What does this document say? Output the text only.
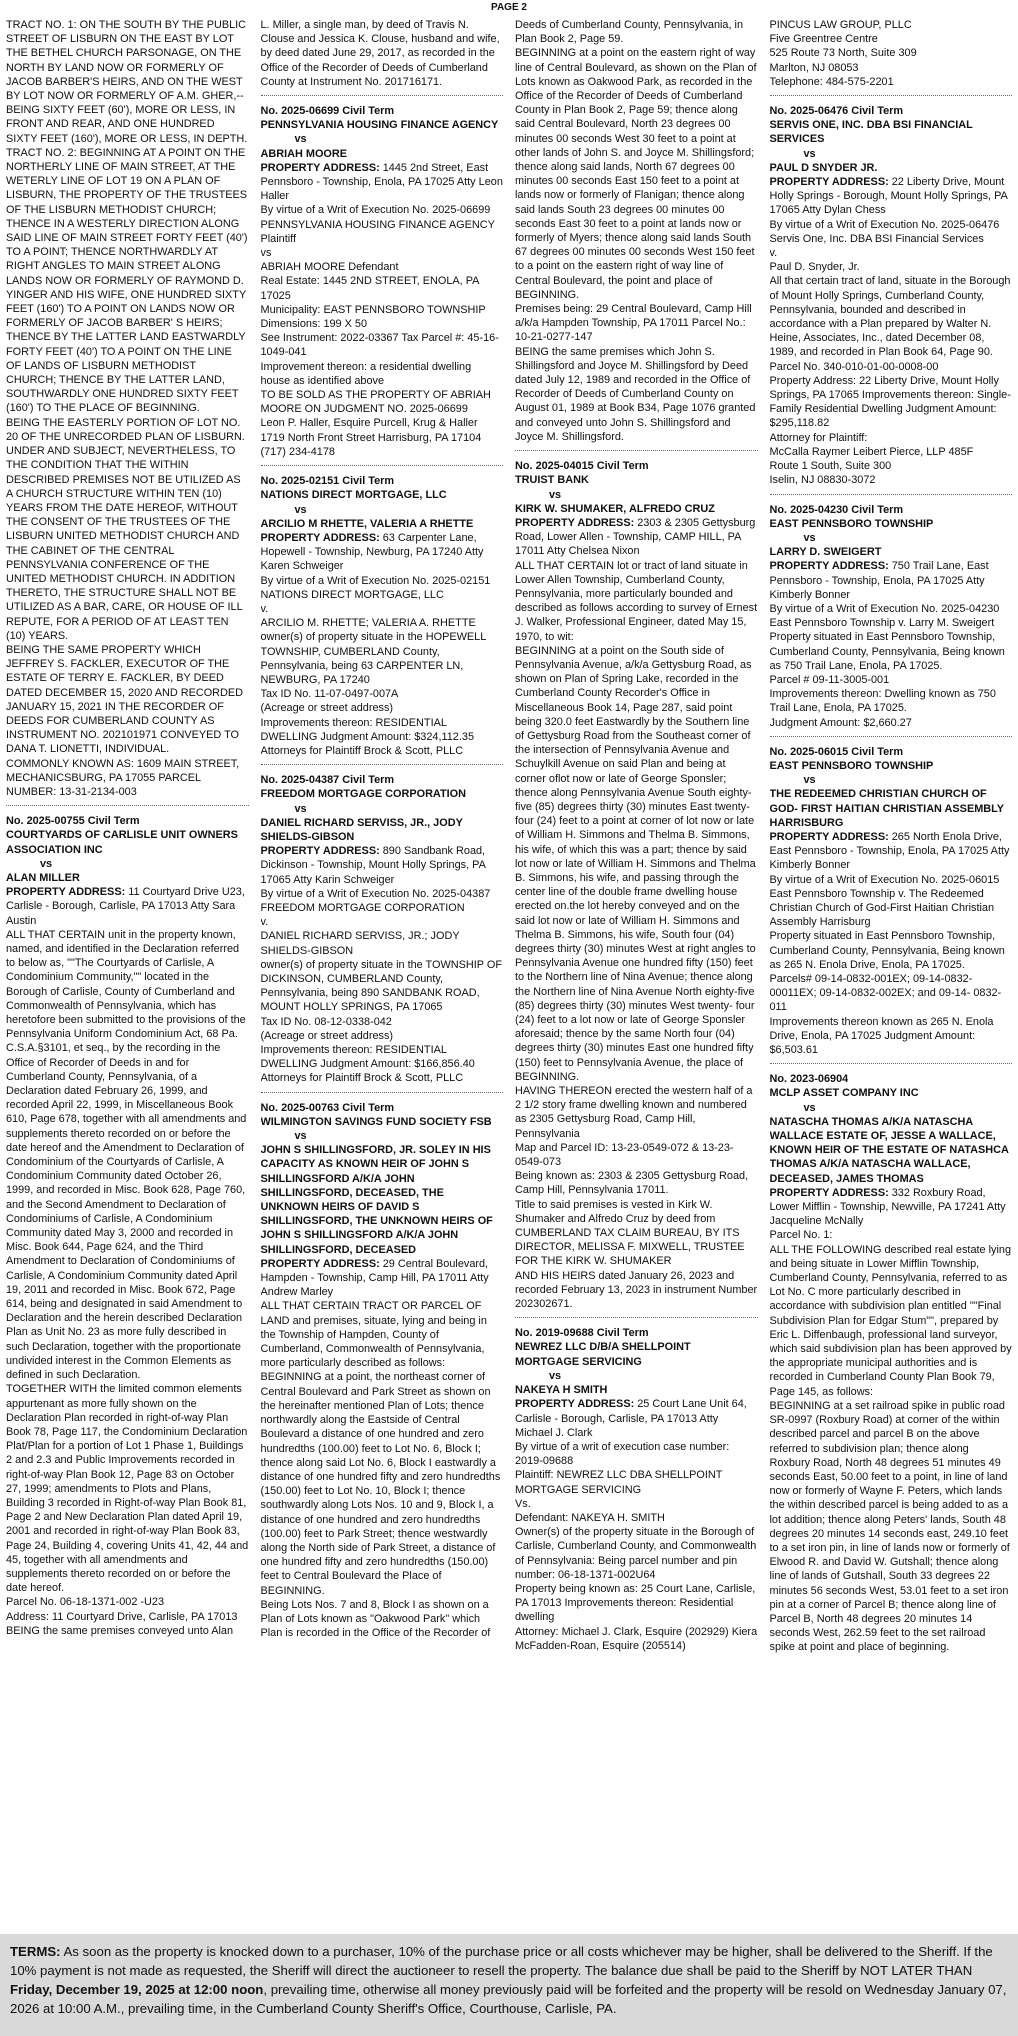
PAGE 2

TRACT NO. 1: ON THE SOUTH BY THE PUBLIC STREET OF LISBURN ON THE EAST BY LOT THE BETHEL CHURCH PARSONAGE, ON THE NORTH BY LAND NOW OR FORMERLY OF JACOB BARBER'S HEIRS, AND ON THE WEST BY LOT NOW OR FORMERLY OF A.M. GHER,--BEING SIXTY FEET (60'), MORE OR LESS, IN FRONT AND REAR, AND ONE HUNDRED SIXTY FEET (160'), MORE OR LESS, IN DEPTH.

TRACT NO. 2: BEGINNING AT A POINT ON THE NORTHERLY LINE OF MAIN STREET, AT THE WETERLY LINE OF LOT 19 ON A PLAN OF LISBURN, THE PROPERTY OF THE TRUSTEES OF THE LISBURN METHODIST CHURCH; THENCE IN A WESTERLY DIRECTION ALONG SAID LINE OF MAIN STREET FORTY FEET (40') TO A POINT; THENCE NORTHWARDLY AT RIGHT ANGLES TO MAIN STREET ALONG LANDS NOW OR FORMERLY OF RAYMOND D. YINGER AND HIS WIFE, ONE HUNDRED SIXTY FEET (160') TO A POINT ON LANDS NOW OR FORMERLY OF JACOB BARBER' S HEIRS; THENCE BY THE LATTER LAND EASTWARDLY FORTY FEET (40') TO A POINT ON THE LINE OF LANDS OF LISBURN METHODIST CHURCH; THENCE BY THE LATTER LAND, SOUTHWARDLY ONE HUNDRED SIXTY FEET (160') TO THE PLACE OF BEGINNING.

BEING THE EASTERLY PORTION OF LOT NO. 20 OF THE UNRECORDED PLAN OF LISBURN. UNDER AND SUBJECT, NEVERTHELESS, TO THE CONDITION THAT THE WITHIN DESCRIBED PREMISES NOT BE UTILIZED AS A CHURCH STRUCTURE WITHIN TEN (10) YEARS FROM THE DATE HEREOF, WITHOUT THE CONSENT OF THE TRUSTEES OF THE LISBURN UNITED METHODIST CHURCH AND THE CABINET OF THE CENTRAL PENNSYLVANIA CONFERENCE OF THE UNITED METHODIST CHURCH. IN ADDITION THERETO, THE STRUCTURE SHALL NOT BE UTILIZED AS A BAR, CARE, OR HOUSE OF ILL REPUTE, FOR A PERIOD OF AT LEAST TEN (10) YEARS.

BEING THE SAME PROPERTY WHICH JEFFREY S. FACKLER, EXECUTOR OF THE ESTATE OF TERRY E. FACKLER, BY DEED DATED DECEMBER 15, 2020 AND RECORDED JANUARY 15, 2021 IN THE RECORDER OF DEEDS FOR CUMBERLAND COUNTY AS INSTRUMENT NO. 202101971 CONVEYED TO DANA T. LIONETTI, INDIVIDUAL.

COMMONLY KNOWN AS: 1609 MAIN STREET, MECHANICSBURG, PA 17055 PARCEL NUMBER: 13-31-2134-003

No. 2025-00755 Civil Term

COURTYARDS OF CARLISLE UNIT OWNERS ASSOCIATION INC

vs

ALAN MILLER

PROPERTY ADDRESS: 11 Courtyard Drive U23, Carlisle - Borough, Carlisle, PA 17013 Atty Sara Austin

ALL THAT CERTAIN unit in the property known, named, and identified in the Declaration referred to below as, ""The Courtyards of Carlisle, A Condominium Community,"" located in the Borough of Carlisle, County of Cumberland and Commonwealth of Pennsylvania, which has heretofore been submitted to the provisions of the Pennsylvania Uniform Condominium Act, 68 Pa. C.S.A.§3101, et seq., by the recording in the Office of Recorder of Deeds in and for Cumberland County, Pennsylvania, of a Declaration dated February 26, 1999, and recorded April 22, 1999, in Miscellaneous Book 610, Page 678, together with all amendments and supplements thereto recorded on or before the date hereof and the Amendment to Declaration of Condominium of the Courtyards of Carlisle, A Condominium Community dated October 26, 1999, and recorded in Misc. Book 628, Page 760, and the Second Amendment to Declaration of Condominiums of Carlisle, A Condominium Community dated May 3, 2000 and recorded in Misc. Book 644, Page 624, and the Third Amendment to Declaration of Condominiums of Carlisle, A Condominium Community dated April 19, 2011 and recorded in Misc. Book 672, Page 614, being and designated in said Amendment to Declaration and the herein described Declaration Plan as Unit No. 23 as more fully described in such Declaration, together with the proportionate undivided interest in the Common Elements as defined in such Declaration.

TOGETHER WITH the limited common elements appurtenant as more fully shown on the Declaration Plan recorded in right-of-way Plan Book 78, Page 117, the Condominium Declaration Plat/Plan for a portion of Lot 1 Phase 1, Buildings 2 and 2.3 and Public Improvements recorded in right-of-way Plan Book 12, Page 83 on October 27, 1999; amendments to Plots and Plans, Building 3 recorded in Right-of-way Plan Book 81, Page 2 and New Declaration Plan dated April 19, 2001 and recorded in right-of-way Plan Book 83, Page 24, Building 4, covering Units 41, 42, 44 and 45, together with all amendments and supplements thereto recorded on or before the date hereof.

Parcel No. 06-18-1371-002 -U23

Address: 11 Courtyard Drive, Carlisle, PA 17013

BEING the same premises conveyed unto Alan

L. Miller, a single man, by deed of Travis N. Clouse and Jessica K. Clouse, husband and wife, by deed dated June 29, 2017, as recorded in the Office of the Recorder of Deeds of Cumberland County at Instrument No. 201716171.

No. 2025-06699 Civil Term

PENNSYLVANIA HOUSING FINANCE AGENCY

vs

ABRIAH MOORE

PROPERTY ADDRESS: 1445 2nd Street, East Pennsboro - Township, Enola, PA 17025 Atty Leon Haller

By virtue of a Writ of Execution No. 2025-06699 PENNSYLVANIA HOUSING FINANCE AGENCY Plaintiff

vs

ABRIAH MOORE Defendant

Real Estate: 1445 2ND STREET, ENOLA, PA 17025

Municipality: EAST PENNSBORO TOWNSHIP

Dimensions: 199 X 50

See Instrument: 2022-03367 Tax Parcel #: 45-16-1049-041

Improvement thereon: a residential dwelling house as identified above

TO BE SOLD AS THE PROPERTY OF ABRIAH MOORE ON JUDGMENT NO. 2025-06699

Leon P. Haller, Esquire Purcell, Krug & Haller 1719 North Front Street Harrisburg, PA 17104 (717) 234-4178

No. 2025-02151 Civil Term

NATIONS DIRECT MORTGAGE, LLC

vs

ARCILIO M RHETTE, VALERIA A RHETTE

PROPERTY ADDRESS: 63 Carpenter Lane, Hopewell - Township, Newburg, PA 17240 Atty Karen Schweiger

By virtue of a Writ of Execution No. 2025-02151 NATIONS DIRECT MORTGAGE, LLC

v.

ARCILIO M. RHETTE; VALERIA A. RHETTE owner(s) of property situate in the HOPEWELL TOWNSHIP, CUMBERLAND County, Pennsylvania, being 63 CARPENTER LN, NEWBURG, PA 17240

Tax ID No. 11-07-0497-007A

(Acreage or street address)

Improvements thereon: RESIDENTIAL DWELLING Judgment Amount: $324,112.35

Attorneys for Plaintiff Brock & Scott, PLLC

No. 2025-04387 Civil Term

FREEDOM MORTGAGE CORPORATION

vs

DANIEL RICHARD SERVISS, JR., JODY SHIELDS-GIBSON

PROPERTY ADDRESS: 890 Sandbank Road, Dickinson - Township, Mount Holly Springs, PA 17065 Atty Karin Schweiger

By virtue of a Writ of Execution No. 2025-04387 FREEDOM MORTGAGE CORPORATION

v.

DANIEL RICHARD SERVISS, JR.; JODY SHIELDS-GIBSON

owner(s) of property situate in the TOWNSHIP OF DICKINSON, CUMBERLAND County, Pennsylvania, being 890 SANDBANK ROAD, MOUNT HOLLY SPRINGS, PA 17065

Tax ID No. 08-12-0338-042

(Acreage or street address)

Improvements thereon: RESIDENTIAL DWELLING Judgment Amount: $166,856.40

Attorneys for Plaintiff Brock & Scott, PLLC

No. 2025-00763 Civil Term

WILMINGTON SAVINGS FUND SOCIETY FSB

vs

JOHN S SHILLINGSFORD, JR. SOLEY IN HIS CAPACITY AS KNOWN HEIR OF JOHN S SHILLINGSFORD A/K/A JOHN SHILLINGSFORD, DECEASED, THE UNKNOWN HEIRS OF DAVID S SHILLINGSFORD, THE UNKNOWN HEIRS OF JOHN S SHILLINGSFORD A/K/A JOHN SHILLINGSFORD, DECEASED

PROPERTY ADDRESS: 29 Central Boulevard, Hampden - Township, Camp Hill, PA 17011 Atty Andrew Marley

ALL THAT CERTAIN TRACT OR PARCEL OF LAND and premises, situate, lying and being in the Township of Hampden, County of Cumberland, Commonwealth of Pennsylvania, more particularly described as follows:

BEGINNING at a point, the northeast corner of Central Boulevard and Park Street as shown on the hereinafter mentioned Plan of Lots; thence northwardly along the Eastside of Central Boulevard a distance of one hundred and zero hundredths (100.00) feet to Lot No. 6, Block I; thence along said Lot No. 6, Block I eastwardly a distance of one hundred fifty and zero hundredths (150.00) feet to Lot No. 10, Block I; thence southwardly along Lots Nos. 10 and 9, Block I, a distance of one hundred and zero hundredths (100.00) feet to Park Street; thence westwardly along the North side of Park Street, a distance of one hundred fifty and zero hundredths (150.00) feet to Central Boulevard the Place of BEGINNING.

Being Lots Nos. 7 and 8, Block I as shown on a Plan of Lots known as "Oakwood Park" which Plan is recorded in the Office of the Recorder of

Deeds of Cumberland County, Pennsylvania, in Plan Book 2, Page 59.

BEGINNING at a point on the eastern right of way line of Central Boulevard, as shown on the Plan of Lots known as Oakwood Park, as recorded in the Office of the Recorder of Deeds of Cumberland County in Plan Book 2, Page 59; thence along said Central Boulevard, North 23 degrees 00 minutes 00 seconds West 30 feet to a point at other lands of John S. and Joyce M. Shillingsford; thence along said lands, North 67 degrees 00 minutes 00 seconds East 150 feet to a point at lands now or formerly of Flanigan; thence along said lands South 23 degrees 00 minutes 00 seconds East 30 feet to a point at lands now or formerly of Myers; thence along said lands South 67 degrees 00 minutes 00 seconds West 150 feet to a point on the eastern right of way line of Central Boulevard, the point and place of BEGINNING.

Premises being: 29 Central Boulevard, Camp Hill a/k/a Hampden Township, PA 17011 Parcel No.: 10-21-0277-147

BEING the same premises which John S. Shillingsford and Joyce M. Shillingsford by Deed dated July 12, 1989 and recorded in the Office of Recorder of Deeds of Cumberland County on August 01, 1989 at Book B34, Page 1076 granted and conveyed unto John S. Shillingsford and Joyce M. Shillingsford.

No. 2025-04015 Civil Term

TRUIST BANK

vs

KIRK W. SHUMAKER, ALFREDO CRUZ

PROPERTY ADDRESS: 2303 & 2305 Gettysburg Road, Lower Allen - Township, CAMP HILL, PA 17011 Atty Chelsea Nixon

ALL THAT CERTAIN lot or tract of land situate in Lower Allen Township, Cumberland County, Pennsylvania, more particularly bounded and described as follows according to survey of Ernest J. Walker, Professional Engineer, dated May 15, 1970, to wit:

BEGINNING at a point on the South side of Pennsylvania Avenue, a/k/a Gettysburg Road, as shown on Plan of Spring Lake, recorded in the Cumberland County Recorder's Office in Miscellaneous Book 14, Page 287, said point being 320.0 feet Eastwardly by the Southern line of Gettysburg Road from the Southeast corner of the intersection of Pennsylvania Avenue and Schuylkill Avenue on said Plan and being at corner oflot now or late of George Sponsler; thence along Pennsylvania Avenue South eighty-five (85) degrees thirty (30) minutes East twenty-four (24) feet to a point at corner of lot now or late of William H. Simmons and Thelma B. Simmons, his wife, of which this was a part; thence by said lot now or late of William H. Simmons and Thelma B. Simmons, his wife, and passing through the center line of the double frame dwelling house erected on.the lot hereby conveyed and on the said lot now or late of William H. Simmons and Thelma B. Simmons, his wife, South four (04) degrees thirty (30) minutes West at right angles to Pennsylvania Avenue one hundred fifty (150) feet to the Northern line of Nina Avenue; thence along the Northern line of Nina Avenue North eighty-five (85) degrees thirty (30) minutes West twenty- four (24) feet to a lot now or late of George Sponsler aforesaid; thence by the same North four (04) degrees thirty (30) minutes East one hundred fifty (150) feet to Pennsylvania Avenue, the place of

BEGINNING.

HAVING THEREON erected the western half of a 2 1/2 story frame dwelling known and numbered as 2305 Gettysburg Road, Camp Hill, Pennsylvania

Map and Parcel ID: 13-23-0549-072 & 13-23-0549-073

Being known as: 2303 & 2305 Gettysburg Road, Camp Hill, Pennsylvania 17011.

Title to said premises is vested in Kirk W. Shumaker and Alfredo Cruz by deed from CUMBERLAND TAX CLAIM BUREAU, BY ITS DIRECTOR, MELISSA F. MIXWELL, TRUSTEE FOR THE KIRK W. SHUMAKER

AND HIS HEIRS dated January 26, 2023 and recorded February 13, 2023 in instrument Number 202302671.

No. 2019-09688 Civil Term

NEWREZ LLC D/B/A SHELLPOINT MORTGAGE SERVICING

vs

NAKEYA H SMITH

PROPERTY ADDRESS: 25 Court Lane Unit 64, Carlisle - Borough, Carlisle, PA 17013 Atty Michael J. Clark

By virtue of a writ of execution case number: 2019-09688

Plaintiff: NEWREZ LLC DBA SHELLPOINT MORTGAGE SERVICING

Vs.

Defendant: NAKEYA H. SMITH

Owner(s) of the property situate in the Borough of Carlisle, Cumberland County, and Commonwealth of Pennsylvania: Being parcel number and pin number: 06-18-1371-002U64

Property being known as: 25 Court Lane, Carlisle, PA 17013 Improvements thereon: Residential dwelling

Attorney: Michael J. Clark, Esquire (202929) Kiera McFadden-Roan, Esquire (205514)

PINCUS LAW GROUP, PLLC

Five Greentree Centre

525 Route 73 North, Suite 309

Marlton, NJ 08053

Telephone: 484-575-2201

No. 2025-06476 Civil Term

SERVIS ONE, INC. DBA BSI FINANCIAL SERVICES

vs

PAUL D SNYDER JR.

PROPERTY ADDRESS: 22 Liberty Drive, Mount Holly Springs - Borough, Mount Holly Springs, PA 17065 Atty Dylan Chess

By virtue of a Writ of Execution No. 2025-06476 Servis One, Inc. DBA BSI Financial Services

v.

Paul D. Snyder, Jr.

All that certain tract of land, situate in the Borough of Mount Holly Springs, Cumberland County, Pennsylvania, bounded and described in accordance with a Plan prepared by Walter N. Heine, Associates, Inc., dated December 08, 1989, and recorded in Plan Book 64, Page 90.

Parcel No. 340-010-01-00-0008-00

Property Address: 22 Liberty Drive, Mount Holly Springs, PA 17065 Improvements thereon: Single-Family Residential Dwelling Judgment Amount: $295,118.82

Attorney for Plaintiff:

McCalla Raymer Leibert Pierce, LLP 485F

Route 1 South, Suite 300

Iselin, NJ 08830-3072

No. 2025-04230 Civil Term

EAST PENNSBORO TOWNSHIP

vs

LARRY D. SWEIGERT

PROPERTY ADDRESS: 750 Trail Lane, East Pennsboro - Township, Enola, PA 17025 Atty Kimberly Bonner

By virtue of a Writ of Execution No. 2025-04230 East Pennsboro Township v. Larry M. Sweigert Property situated in East Pennsboro Township, Cumberland County, Pennsylvania, Being known as 750 Trail Lane, Enola, PA 17025.

Parcel # 09-11-3005-001

Improvements thereon: Dwelling known as 750 Trail Lane, Enola, PA 17025.

Judgment Amount: $2,660.27

No. 2025-06015 Civil Term

EAST PENNSBORO TOWNSHIP

vs

THE REDEEMED CHRISTIAN CHURCH OF GOD- FIRST HAITIAN CHRISTIAN ASSEMBLY HARRISBURG

PROPERTY ADDRESS: 265 North Enola Drive, East Pennsboro - Township, Enola, PA 17025 Atty Kimberly Bonner

By virtue of a Writ of Execution No. 2025-06015 East Pennsboro Township v. The Redeemed Christian Church of God-First Haitian Christian Assembly Harrisburg

Property situated in East Pennsboro Township, Cumberland County, Pennsylvania, Being known as 265 N. Enola Drive, Enola, PA 17025.

Parcels# 09-14-0832-001EX; 09-14-0832-00011EX; 09-14-0832-002EX; and 09-14- 0832-011

Improvements thereon known as 265 N. Enola Drive, Enola, PA 17025 Judgment Amount: $6,503.61

No. 2023-06904

MCLP ASSET COMPANY INC

vs

NATASCHA THOMAS A/K/A NATASCHA WALLACE ESTATE OF, JESSE A WALLACE, KNOWN HEIR OF THE ESTATE OF NATASHCA THOMAS A/K/A NATASCHA WALLACE, DECEASED, JAMES THOMAS

PROPERTY ADDRESS: 332 Roxbury Road, Lower Mifflin - Township, Newville, PA 17241 Atty Jacqueline McNally

Parcel No. 1:

ALL THE FOLLOWING described real estate lying and being situate in Lower Mifflin Township, Cumberland County, Pennsylvania, referred to as Lot No. C more particularly described in accordance with subdivision plan entitled ""Final Subdivision Plan for Edgar Stum"", prepared by Eric L. Diffenbaugh, professional land surveyor, which said subdivision plan has been approved by the appropriate municipal authorities and is recorded in Cumberland County Plan Book 79, Page 145, as follows:

BEGINNING at a set railroad spike in public road SR-0997 (Roxbury Road) at corner of the within described parcel and parcel B on the above referred to subdivision plan; thence along Roxbury Road, North 48 degrees 51 minutes 49 seconds East, 50.00 feet to a point, in line of land now or formerly of Wayne F. Peters, which lands the within described parcel is being added to as a lot addition; thence along Peters' lands, South 48 degrees 20 minutes 14 seconds east, 249.10 feet to a set iron pin, in line of lands now or formerly of Elwood R. and David W. Gutshall; thence along line of lands of Gutshall, South 33 degrees 22 minutes 56 seconds West, 53.01 feet to a set iron pin at a corner of Parcel B; thence along line of Parcel B, North 48 degrees 20 minutes 14 seconds West, 262.59 feet to the set railroad spike at point and place of beginning.

TERMS: As soon as the property is knocked down to a purchaser, 10% of the purchase price or all costs whichever may be higher, shall be delivered to the Sheriff. If the 10% payment is not made as requested, the Sheriff will direct the auctioneer to resell the property. The balance due shall be paid to the Sheriff by NOT LATER THAN Friday, December 19, 2025 at 12:00 noon, prevailing time, otherwise all money previously paid will be forfeited and the property will be resold on Wednesday January 07, 2026 at 10:00 A.M., prevailing time, in the Cumberland County Sheriff's Office, Courthouse, Carlisle, PA.
